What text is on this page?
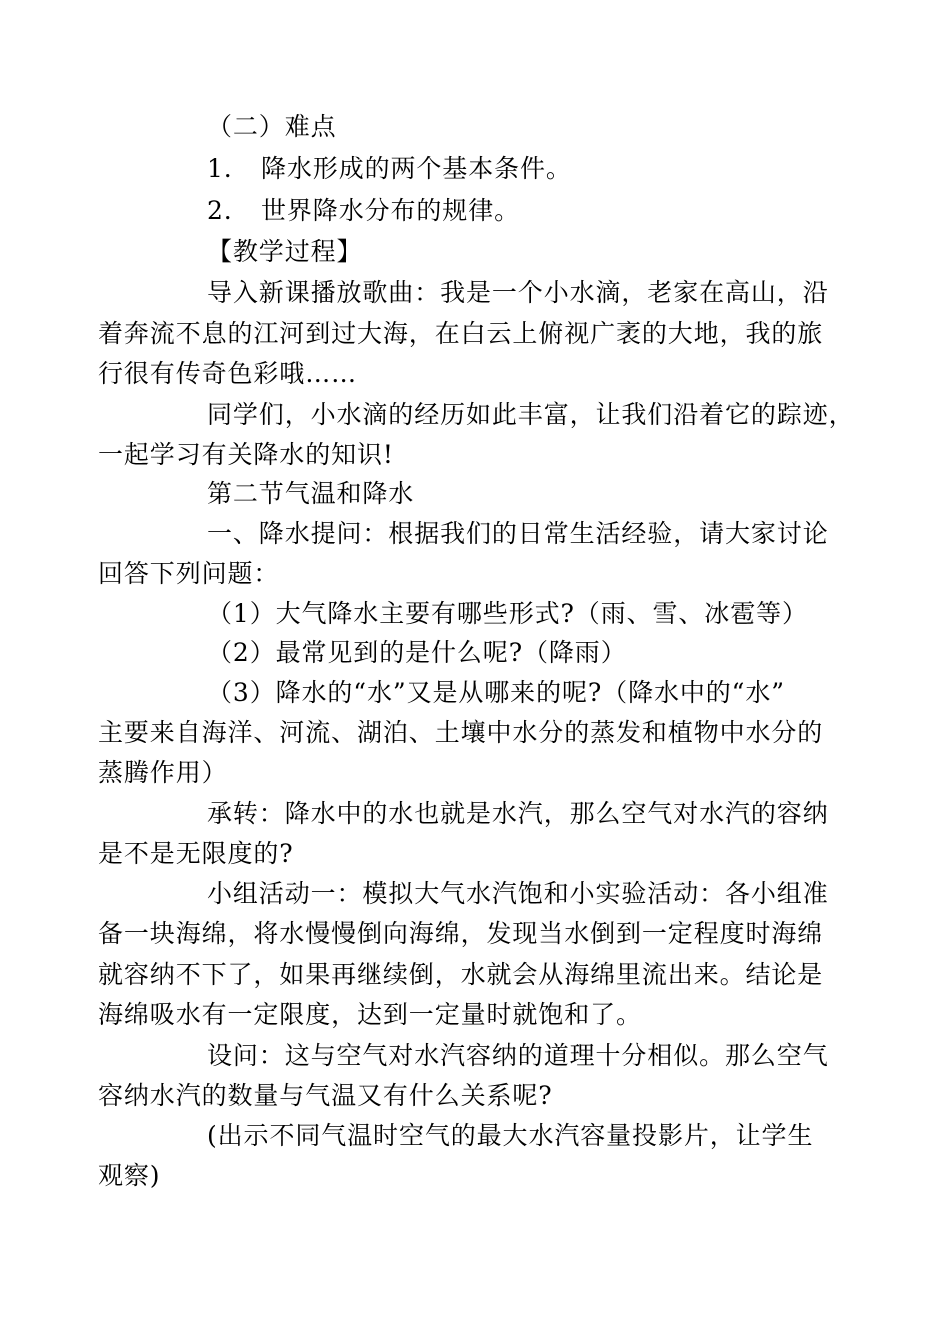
（二）难点
1. 降水形成的两个基本条件。
2. 世界降水分布的规律。
【教学过程】
导入新课播放歌曲：我是一个小水滴，老家在高山，沿
着奔流不息的江河到过大海，在白云上俯视广袤的大地，我的旅
行很有传奇色彩哦……
同学们，小水滴的经历如此丰富，让我们沿着它的踪迹，
一起学习有关降水的知识!
第二节气温和降水
一、降水提问：根据我们的日常生活经验，请大家讨论
回答下列问题：
（1）大气降水主要有哪些形式?（雨、雪、冰雹等）
（2）最常见到的是什么呢?（降雨）
（3）降水的“水”又是从哪来的呢?（降水中的“水”
主要来自海洋、河流、湖泊、土壤中水分的蒸发和植物中水分的
蒸腾作用）
承转：降水中的水也就是水汽，那么空气对水汽的容纳
是不是无限度的?
小组活动一：模拟大气水汽饱和小实验活动：各小组准
备一块海绵，将水慢慢倒向海绵，发现当水倒到一定程度时海绵
就容纳不下了，如果再继续倒，水就会从海绵里流出来。结论是
海绵吸水有一定限度，达到一定量时就饱和了。
设问：这与空气对水汽容纳的道理十分相似。那么空气
容纳水汽的数量与气温又有什么关系呢?
(出示不同气温时空气的最大水汽容量投影片，让学生
观察)
